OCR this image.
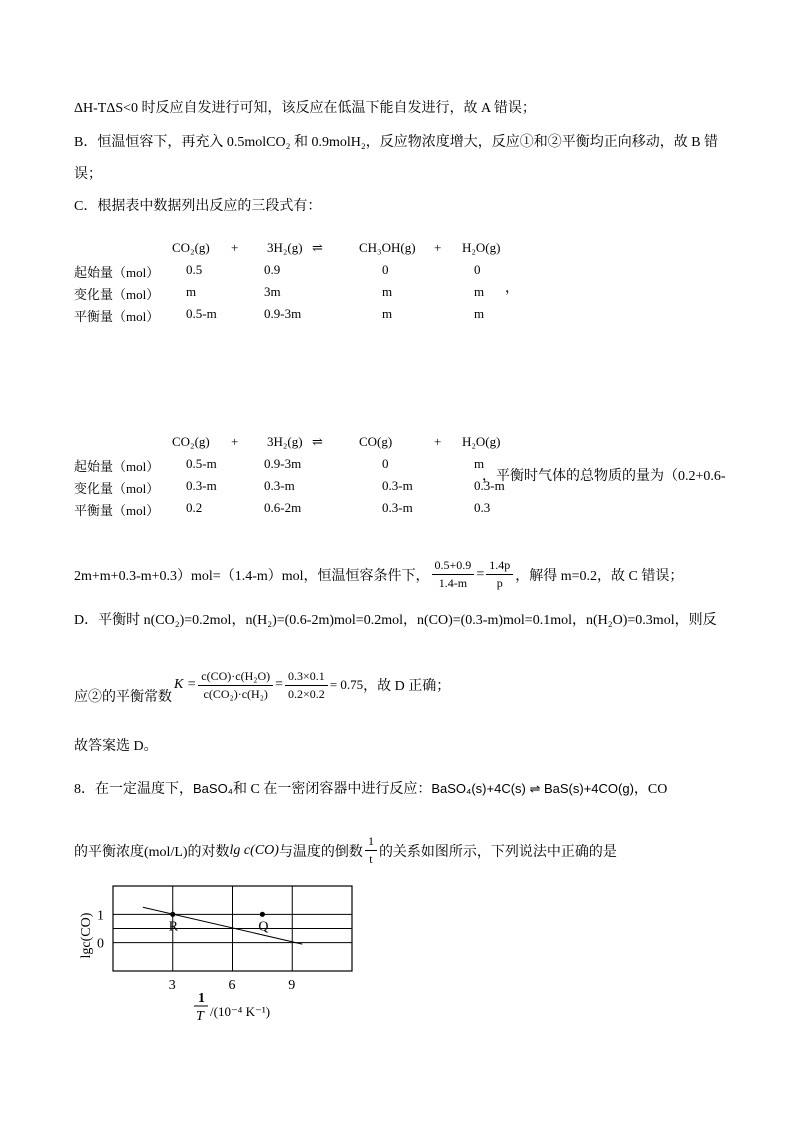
ΔH-TΔS<0 时反应自发进行可知，该反应在低温下能自发进行，故 A 错误；
B．恒温恒容下，再充入 0.5molCO₂ 和 0.9molH₂，反应物浓度增大，反应①和②平衡均正向移动，故 B 错
误；
C．根据表中数据列出反应的三段式有：
CO₂(g) + 3H₂(g) ⇌	CH₃OH(g) + H₂O(g)
起始量（mol） 0.5	0.9	0	0
变化量（mol） m	3m	m	m
平衡量（mol） 0.5-m	0.9-3m	m	m
，
CO₂(g) + 3H₂(g) ⇌	CO(g)	+ H₂O(g)
起始量（mol） 0.5-m	0.9-3m	0	m
变化量（mol） 0.3-m	0.3-m	0.3-m	0.3-m
平衡量（mol） 0.2	0.6-2m	0.3-m	0.3
，平衡时气体的总物质的量为（0.2+0.6-
2m+m+0.3-m+0.3）mol=（1.4-m）mol，恒温恒容条件下， $\frac{0.5+0.9}{1.4-m} = \frac{1.4p}{p}$ ，解得 m=0.2，故 C 错误；
D．平衡时 n(CO₂)=0.2mol，n(H₂)=(0.6-2m)mol=0.2mol，n(CO)=(0.3-m)mol=0.1mol，n(H₂O)=0.3mol，则反
应②的平衡常数
$K = \frac{\text{c(CO)·c(H₂O)}}{\text{c(CO₂)·c(H₂)}} = \frac{0.3\times 0.1}{0.2\times 0.2} = 0.75$ ，故 D 正确；
故答案选 D。
8．在一定温度下，BaSO₄和 C 在一密闭容器中进行反应：BaSO₄(s)+4C(s) ⇌ BaS(s)+4CO(g)，CO
的平衡浓度(mol/L)的对数 lg c(CO) 与温度的倒数 $\frac{1}{t}$ 的关系如图所示，下列说法中正确的是
R	Q
1
0
3	6	9
lgc(CO)
1
T /(10⁻⁴ K⁻¹)
